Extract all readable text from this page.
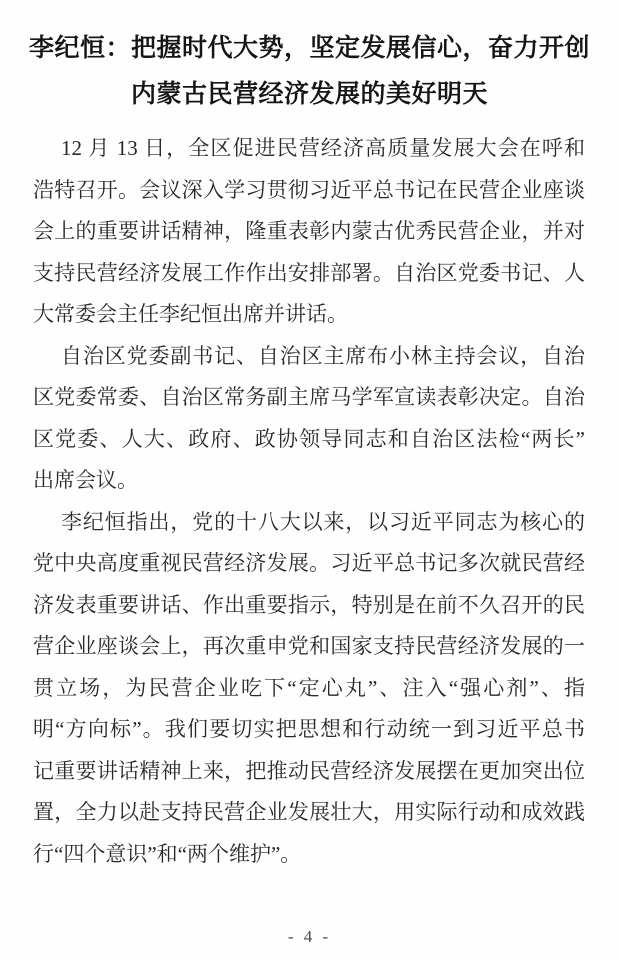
李纪恒：把握时代大势，坚定发展信心，奋力开创
内蒙古民营经济发展的美好明天
12 月 13 日，全区促进民营经济高质量发展大会在呼和
浩特召开。会议深入学习贯彻习近平总书记在民营企业座谈
会上的重要讲话精神，隆重表彰内蒙古优秀民营企业，并对
支持民营经济发展工作作出安排部署。自治区党委书记、人
大常委会主任李纪恒出席并讲话。
自治区党委副书记、自治区主席布小林主持会议，自治
区党委常委、自治区常务副主席马学军宣读表彰决定。自治
区党委、人大、政府、政协领导同志和自治区法检“两长”
出席会议。
李纪恒指出，党的十八大以来，以习近平同志为核心的
党中央高度重视民营经济发展。习近平总书记多次就民营经
济发表重要讲话、作出重要指示，特别是在前不久召开的民
营企业座谈会上，再次重申党和国家支持民营经济发展的一
贯立场，为民营企业吃下“定心丸”、注入“强心剂”、指
明“方向标”。我们要切实把思想和行动统一到习近平总书
记重要讲话精神上来，把推动民营经济发展摆在更加突出位
置，全力以赴支持民营企业发展壮大，用实际行动和成效践
行“四个意识”和“两个维护”。
- 4 -
